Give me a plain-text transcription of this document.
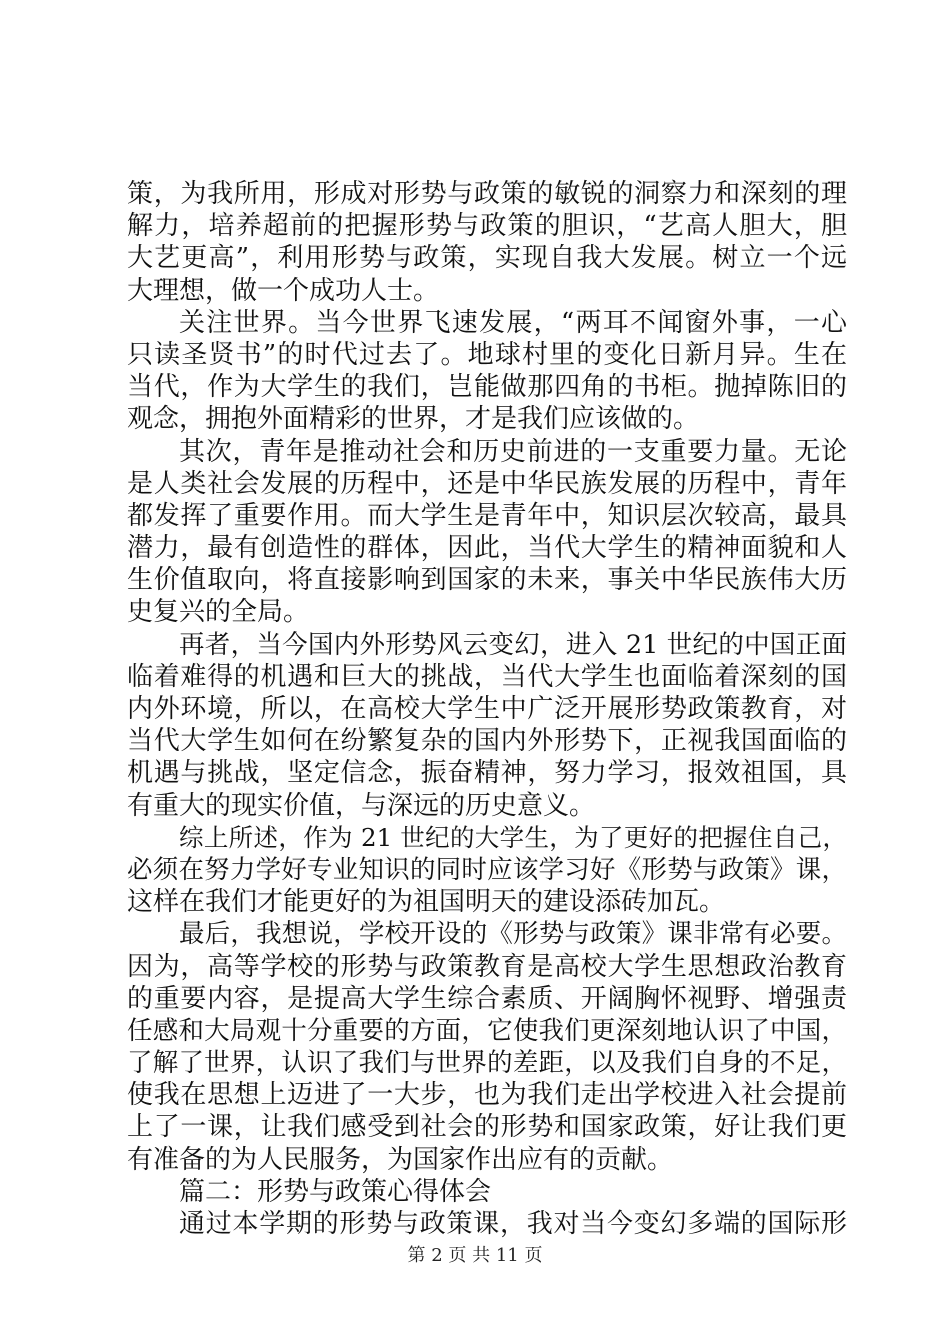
策，为我所用，形成对形势与政策的敏锐的洞察力和深刻的理
解力，培养超前的把握形势与政策的胆识，“艺高人胆大，胆
大艺更高”，利用形势与政策，实现自我大发展。树立一个远
大理想，做一个成功人士。
关注世界。当今世界飞速发展，“两耳不闻窗外事，一心
只读圣贤书”的时代过去了。地球村里的变化日新月异。生在
当代，作为大学生的我们，岂能做那四角的书柜。抛掉陈旧的
观念，拥抱外面精彩的世界，才是我们应该做的。
其次，青年是推动社会和历史前进的一支重要力量。无论
是人类社会发展的历程中，还是中华民族发展的历程中，青年
都发挥了重要作用。而大学生是青年中，知识层次较高，最具
潜力，最有创造性的群体，因此，当代大学生的精神面貌和人
生价值取向，将直接影响到国家的未来，事关中华民族伟大历
史复兴的全局。
再者，当今国内外形势风云变幻，进入 21 世纪的中国正面
临着难得的机遇和巨大的挑战，当代大学生也面临着深刻的国
内外环境，所以，在高校大学生中广泛开展形势政策教育，对
当代大学生如何在纷繁复杂的国内外形势下，正视我国面临的
机遇与挑战，坚定信念，振奋精神，努力学习，报效祖国，具
有重大的现实价值，与深远的历史意义。
综上所述，作为 21 世纪的大学生，为了更好的把握住自己，
必须在努力学好专业知识的同时应该学习好《形势与政策》课，
这样在我们才能更好的为祖国明天的建设添砖加瓦。
最后，我想说，学校开设的《形势与政策》课非常有必要。
因为，高等学校的形势与政策教育是高校大学生思想政治教育
的重要内容，是提高大学生综合素质、开阔胸怀视野、增强责
任感和大局观十分重要的方面，它使我们更深刻地认识了中国，
了解了世界，认识了我们与世界的差距，以及我们自身的不足，
使我在思想上迈进了一大步，也为我们走出学校进入社会提前
上了一课，让我们感受到社会的形势和国家政策，好让我们更
有准备的为人民服务，为国家作出应有的贡献。
篇二：形势与政策心得体会
通过本学期的形势与政策课，我对当今变幻多端的国际形
第 2 页 共 11 页
